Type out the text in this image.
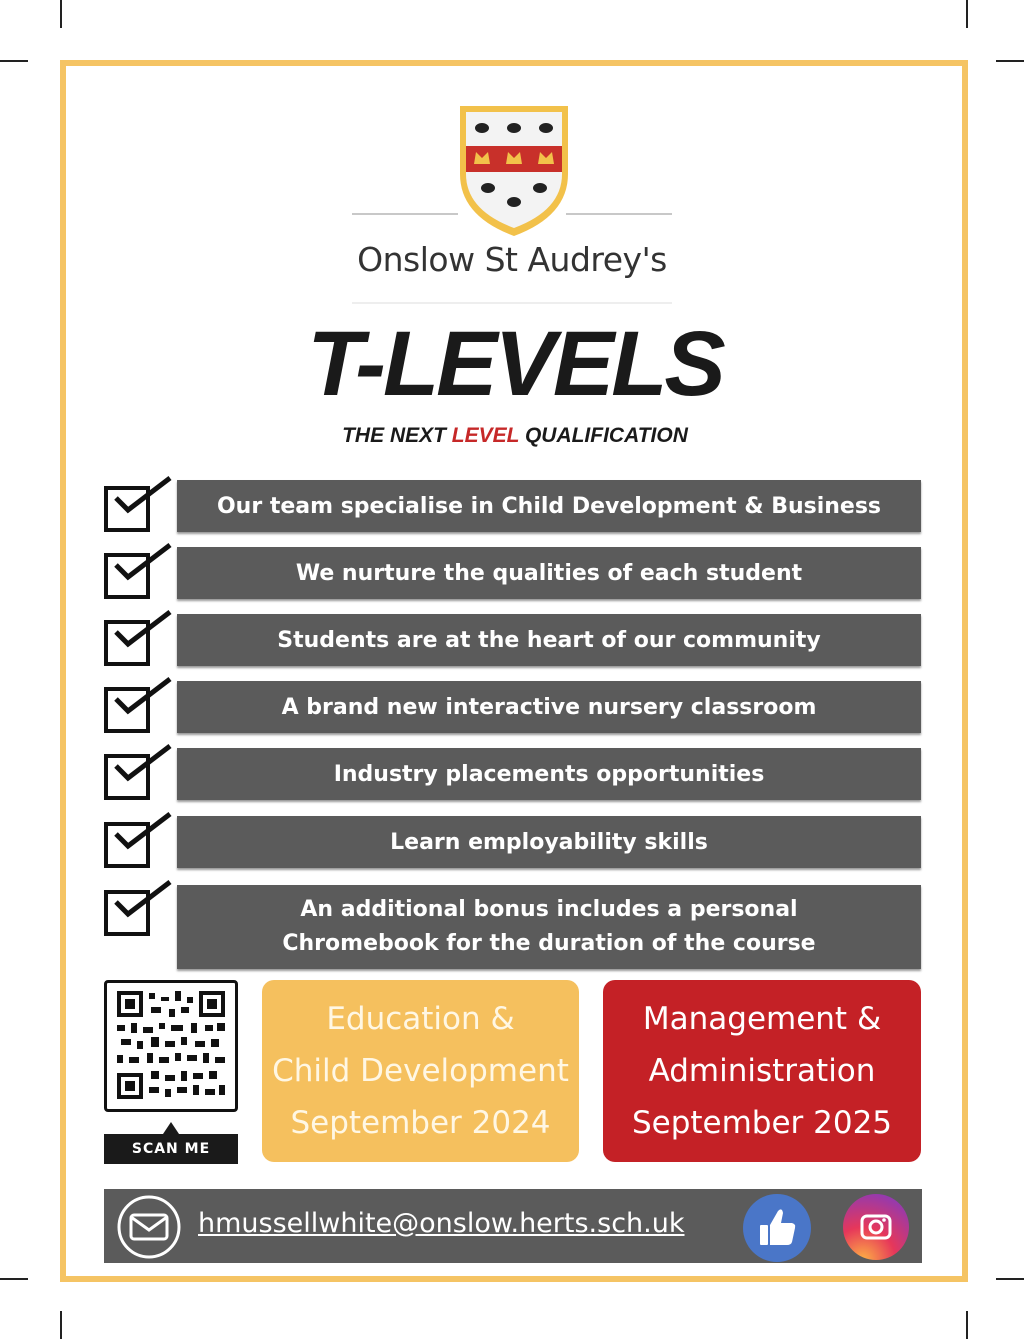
Onslow St Audrey's
T-LEVELS
THE NEXT LEVEL QUALIFICATION
Our team specialise in Child Development & Business
We nurture the qualities of each student
Students are at the heart of our community
A brand new interactive nursery classroom
Industry placements opportunities
Learn employability skills
An additional bonus includes a personal
Chromebook for the duration of the course
SCAN ME
Education &
Child Development
September 2024
Management &
Administration
September 2025
hmussellwhite@onslow.herts.sch.uk
